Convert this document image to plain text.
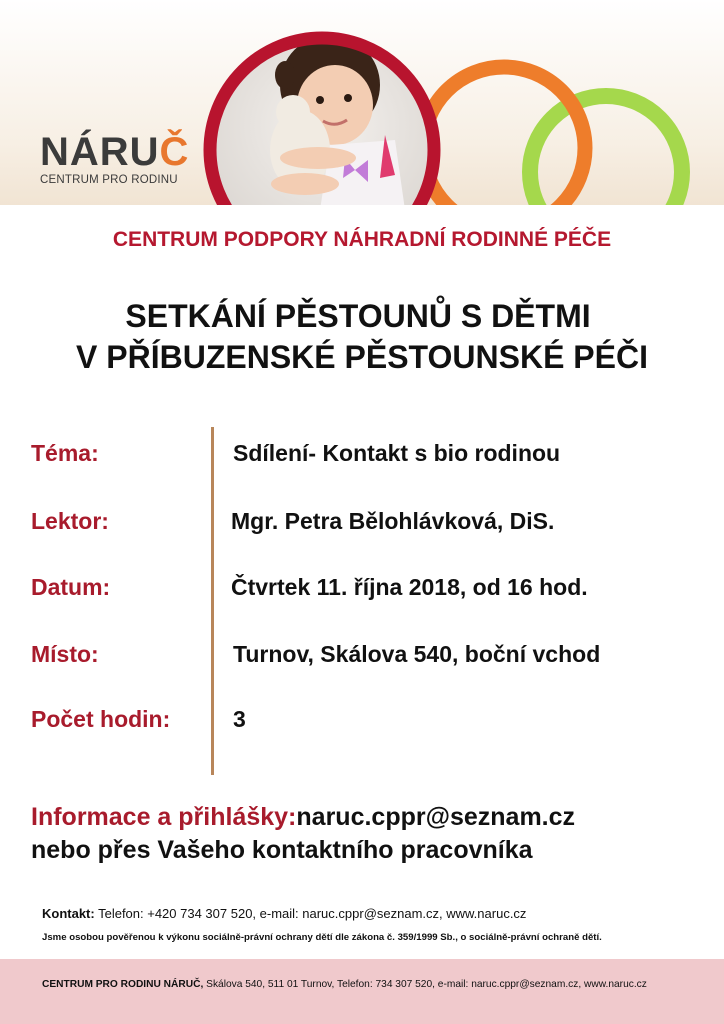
NÁRUČ
CENTRUM PRO RODINU
CENTRUM PODPORY NÁHRADNÍ RODINNÉ PÉČE
SETKÁNÍ PĚSTOUNŮ S DĚTMI
V PŘÍBUZENSKÉ PĚSTOUNSKÉ PÉČI
Téma:	Sdílení- Kontakt s bio rodinou
Lektor:	Mgr. Petra Bělohlávková, DiS.
Datum:	Čtvrtek 11. října 2018, od 16 hod.
Místo:	Turnov, Skálova 540, boční vchod
Počet hodin:	3
Informace a přihlášky:naruc.cppr@seznam.cz
nebo přes Vašeho kontaktního pracovníka
Kontakt: Telefon: +420 734 307 520, e-mail: naruc.cppr@seznam.cz, www.naruc.cz
Jsme osobou pověřenou k výkonu sociálně-právní ochrany dětí dle zákona č. 359/1999 Sb., o sociálně-právní ochraně dětí.
CENTRUM PRO RODINU NÁRUČ, Skálova 540, 511 01 Turnov, Telefon: 734 307 520, e-mail: naruc.cppr@seznam.cz, www.naruc.cz
